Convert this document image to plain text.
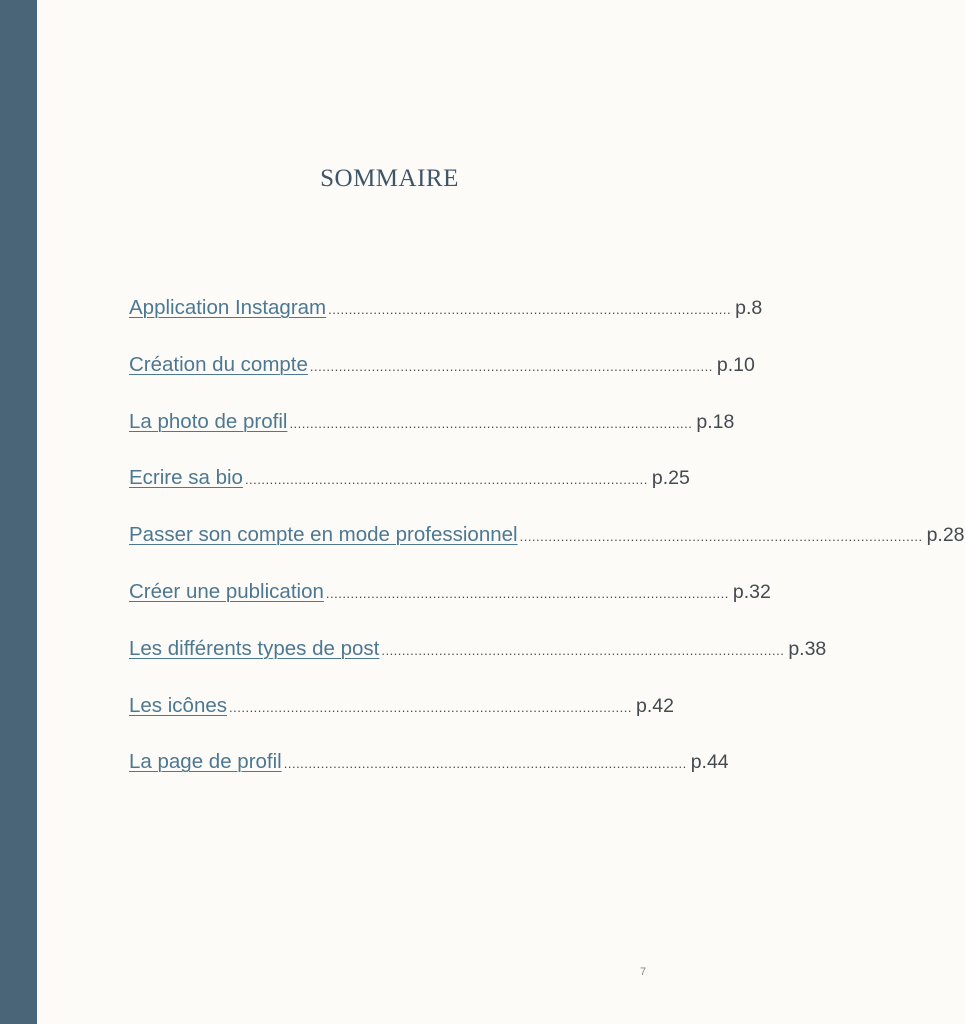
SOMMAIRE
Application Instagram .................................................................................................. p.8
Création du compte .................................................................................................. p.10
La photo de profil .................................................................................................. p.18
Ecrire sa bio .................................................................................................. p.25
Passer son compte en mode professionnel .................................................................................................. p.28
Créer une publication .................................................................................................. p.32
Les différents types de post .................................................................................................. p.38
Les icônes .................................................................................................. p.42
La page de profil .................................................................................................. p.44
7
